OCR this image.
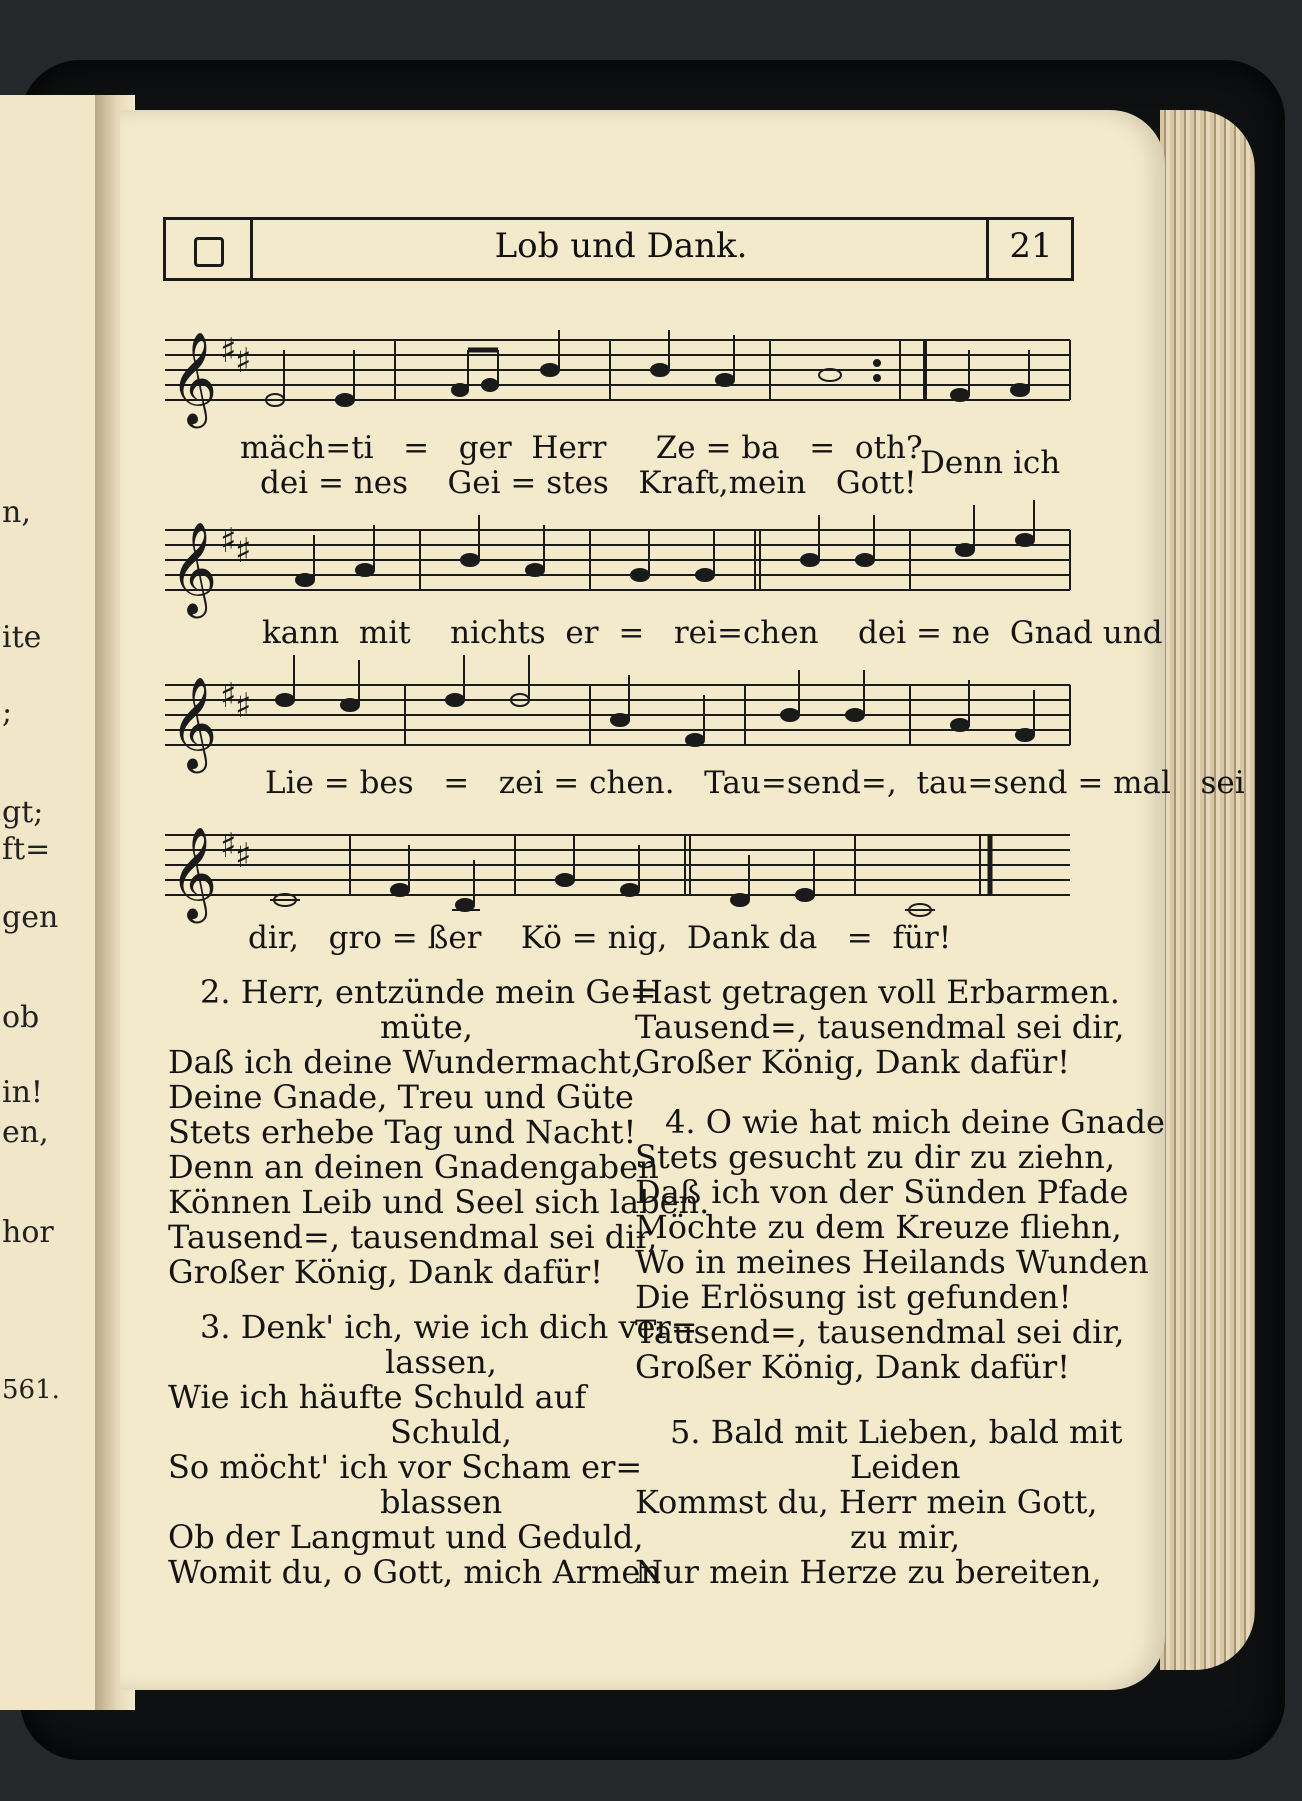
n,
ite
;
gt;
ft=
gen
ob
in!
en,
hor
561.
Lob und Dank.	21
𝄞 ♯
♯
mäch=ti = ger Herr Ze = ba = oth?
dei = nes Gei = stes Kraft,mein Gott!
Denn ich
𝄞 ♯
♯
kann mit nichts er = rei=chen dei = ne Gnad und
𝄞 ♯
♯
Lie = bes = zei = chen. Tau=send=, tau=send = mal sei
𝄞 ♯
♯
dir, gro = ßer Kö = nig, Dank da = für!
2. Herr, entzünde mein Ge=
müte,
Daß ich deine Wundermacht,
Deine Gnade, Treu und Güte
Stets erhebe Tag und Nacht!
Denn an deinen Gnadengaben
Können Leib und Seel sich laben.
Tausend=, tausendmal sei dir,
Großer König, Dank dafür!
3. Denk' ich, wie ich dich ver=
lassen,
Wie ich häufte Schuld auf
Schuld,
So möcht' ich vor Scham er=
blassen
Ob der Langmut und Geduld,
Womit du, o Gott, mich Armen
Hast getragen voll Erbarmen.
Tausend=, tausendmal sei dir,
Großer König, Dank dafür!
4. O wie hat mich deine Gnade
Stets gesucht zu dir zu ziehn,
Daß ich von der Sünden Pfade
Möchte zu dem Kreuze fliehn,
Wo in meines Heilands Wunden
Die Erlösung ist gefunden!
Tausend=, tausendmal sei dir,
Großer König, Dank dafür!
5. Bald mit Lieben, bald mit
Leiden
Kommst du, Herr mein Gott,
zu mir,
Nur mein Herze zu bereiten,
